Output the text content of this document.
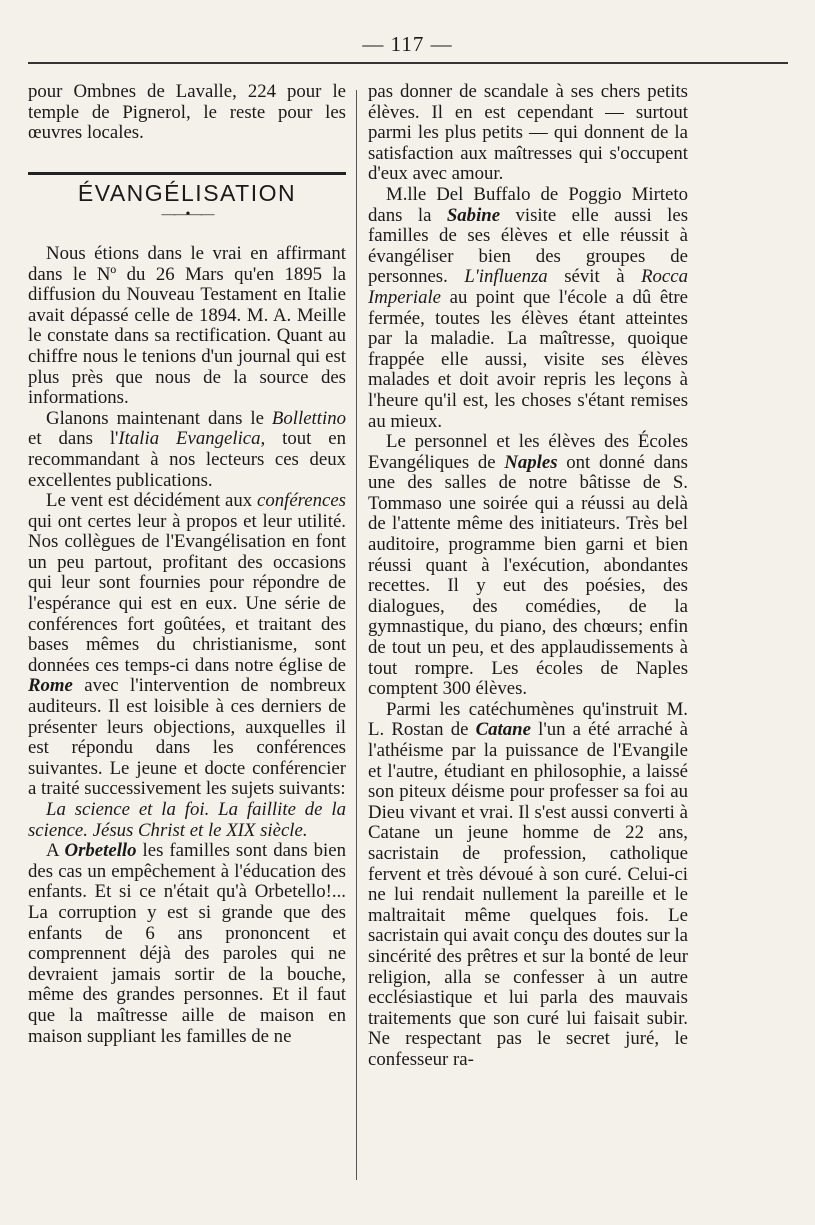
— 117 —

pour Ombnes de Lavalle, 224 pour le temple de Pignerol, le reste pour les œuvres locales.

ÉVANGÉLISATION
——•——

Nous étions dans le vrai en affirmant dans le Nº du 26 Mars qu'en 1895 la diffusion du Nouveau Testament en Italie avait dépassé celle de 1894. M. A. Meille le constate dans sa rectification. Quant au chiffre nous le tenions d'un journal qui est plus près que nous de la source des informations.

Glanons maintenant dans le Bollettino et dans l'Italia Evangelica, tout en recommandant à nos lecteurs ces deux excellentes publications.

Le vent est décidément aux conférences qui ont certes leur à propos et leur utilité. Nos collègues de l'Evangélisation en font un peu partout, profitant des occasions qui leur sont fournies pour répondre de l'espérance qui est en eux. Une série de conférences fort goûtées, et traitant des bases mêmes du christianisme, sont données ces temps-ci dans notre église de Rome avec l'intervention de nombreux auditeurs. Il est loisible à ces derniers de présenter leurs objections, auxquelles il est répondu dans les conférences suivantes. Le jeune et docte conférencier a traité successivement les sujets suivants:

La science et la foi. La faillite de la science. Jésus Christ et le XIX siècle.

A Orbetello les familles sont dans bien des cas un empêchement à l'éducation des enfants. Et si ce n'était qu'à Orbetello!... La corruption y est si grande que des enfants de 6 ans prononcent et comprennent déjà des paroles qui ne devraient jamais sortir de la bouche, même des grandes personnes. Et il faut que la maîtresse aille de maison en maison suppliant les familles de ne

pas donner de scandale à ses chers petits élèves. Il en est cependant — surtout parmi les plus petits — qui donnent de la satisfaction aux maîtresses qui s'occupent d'eux avec amour.

M.lle Del Buffalo de Poggio Mirteto dans la Sabine visite elle aussi les familles de ses élèves et elle réussit à évangéliser bien des groupes de personnes. L'influenza sévit à Rocca Imperiale au point que l'école a dû être fermée, toutes les élèves étant atteintes par la maladie. La maîtresse, quoique frappée elle aussi, visite ses élèves malades et doit avoir repris les leçons à l'heure qu'il est, les choses s'étant remises au mieux.

Le personnel et les élèves des Écoles Evangéliques de Naples ont donné dans une des salles de notre bâtisse de S. Tommaso une soirée qui a réussi au delà de l'attente même des initiateurs. Très bel auditoire, programme bien garni et bien réussi quant à l'exécution, abondantes recettes. Il y eut des poésies, des dialogues, des comédies, de la gymnastique, du piano, des chœurs; enfin de tout un peu, et des applaudissements à tout rompre. Les écoles de Naples comptent 300 élèves.

Parmi les catéchumènes qu'instruit M. L. Rostan de Catane l'un a été arraché à l'athéisme par la puissance de l'Evangile et l'autre, étudiant en philosophie, a laissé son piteux déisme pour professer sa foi au Dieu vivant et vrai. Il s'est aussi converti à Catane un jeune homme de 22 ans, sacristain de profession, catholique fervent et très dévoué à son curé. Celui-ci ne lui rendait nullement la pareille et le maltraitait même quelques fois. Le sacristain qui avait conçu des doutes sur la sincérité des prêtres et sur la bonté de leur religion, alla se confesser à un autre ecclésiastique et lui parla des mauvais traitements que son curé lui faisait subir. Ne respectant pas le secret juré, le confesseur ra-
